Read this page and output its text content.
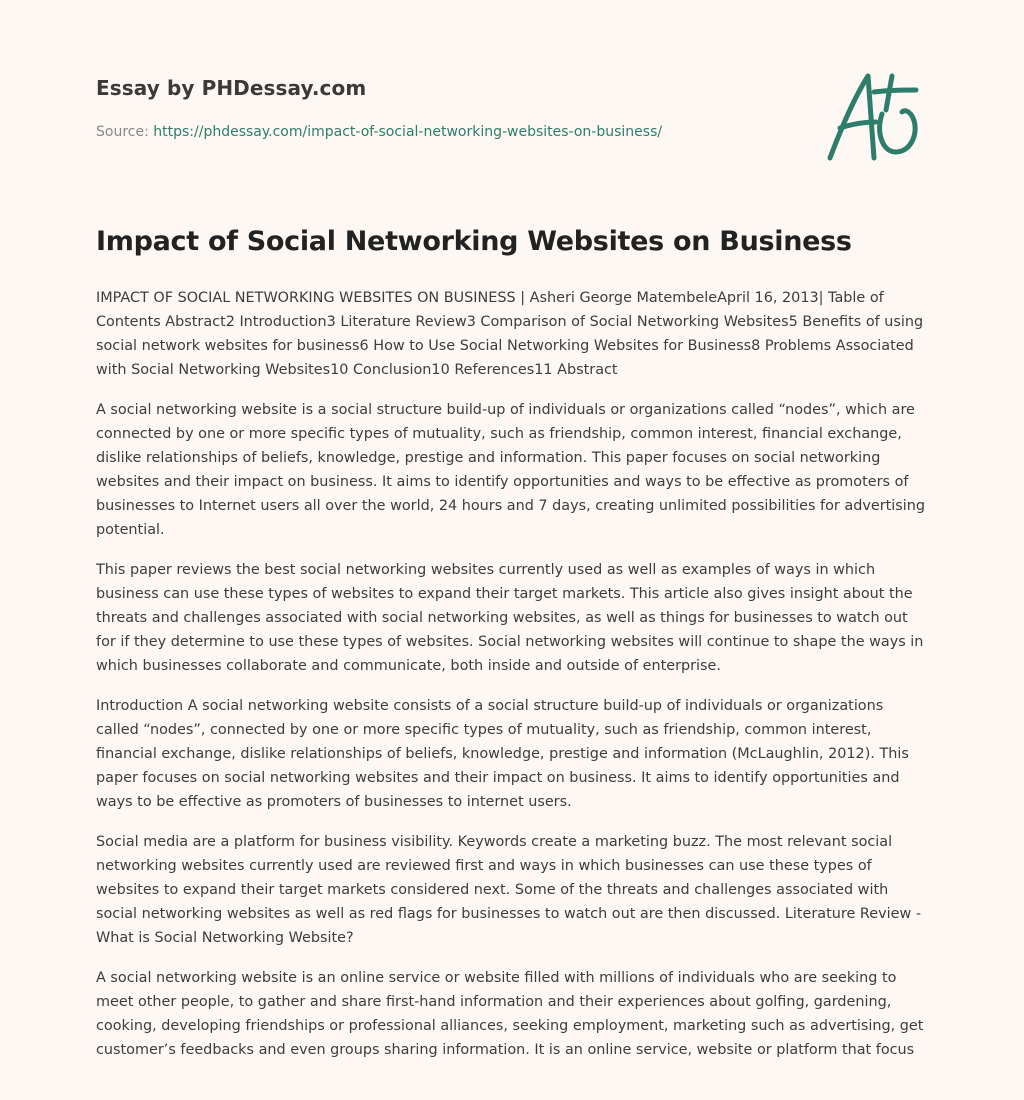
Essay by PHDessay.com
Source: https://phdessay.com/impact-of-social-networking-websites-on-business/
Impact of Social Networking Websites on Business

IMPACT OF SOCIAL NETWORKING WEBSITES ON BUSINESS | Asheri George MatembeleApril 16, 2013| Table of Contents Abstract2 Introduction3 Literature Review3 Comparison of Social Networking Websites5 Benefits of using social network websites for business6 How to Use Social Networking Websites for Business8 Problems Associated with Social Networking Websites10 Conclusion10 References11 Abstract

A social networking website is a social structure build-up of individuals or organizations called “nodes”, which are connected by one or more specific types of mutuality, such as friendship, common interest, financial exchange, dislike relationships of beliefs, knowledge, prestige and information. This paper focuses on social networking websites and their impact on business. It aims to identify opportunities and ways to be effective as promoters of businesses to Internet users all over the world, 24 hours and 7 days, creating unlimited possibilities for advertising potential.

This paper reviews the best social networking websites currently used as well as examples of ways in which business can use these types of websites to expand their target markets. This article also gives insight about the threats and challenges associated with social networking websites, as well as things for businesses to watch out for if they determine to use these types of websites. Social networking websites will continue to shape the ways in which businesses collaborate and communicate, both inside and outside of enterprise.

Introduction A social networking website consists of a social structure build-up of individuals or organizations called “nodes”, connected by one or more specific types of mutuality, such as friendship, common interest, financial exchange, dislike relationships of beliefs, knowledge, prestige and information (McLaughlin, 2012). This paper focuses on social networking websites and their impact on business. It aims to identify opportunities and ways to be effective as promoters of businesses to internet users.

Social media are a platform for business visibility. Keywords create a marketing buzz. The most relevant social networking websites currently used are reviewed first and ways in which businesses can use these types of websites to expand their target markets considered next. Some of the threats and challenges associated with social networking websites as well as red flags for businesses to watch out are then discussed. Literature Review - What is Social Networking Website?

A social networking website is an online service or website filled with millions of individuals who are seeking to meet other people, to gather and share first-hand information and their experiences about golfing, gardening, cooking, developing friendships or professional alliances, seeking employment, marketing such as advertising, get customer’s feedbacks and even groups sharing information. It is an online service, website or platform that focus
